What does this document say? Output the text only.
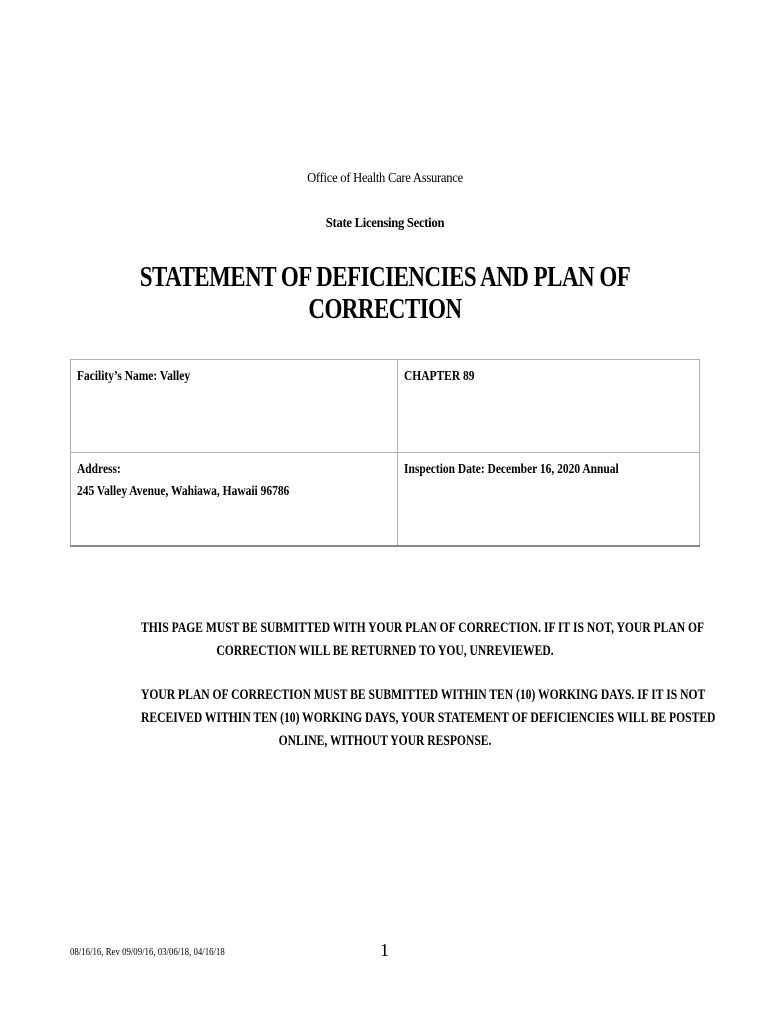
Office of Health Care Assurance
State Licensing Section
STATEMENT OF DEFICIENCIES AND PLAN OF CORRECTION
Facility’s Name: Valley	CHAPTER 89
Address:
245 Valley Avenue, Wahiawa, Hawaii 96786	Inspection Date: December 16, 2020 Annual
THIS PAGE MUST BE SUBMITTED WITH YOUR PLAN OF CORRECTION. IF IT IS NOT, YOUR PLAN OF
CORRECTION WILL BE RETURNED TO YOU, UNREVIEWED.
YOUR PLAN OF CORRECTION MUST BE SUBMITTED WITHIN TEN (10) WORKING DAYS. IF IT IS NOT
RECEIVED WITHIN TEN (10) WORKING DAYS, YOUR STATEMENT OF DEFICIENCIES WILL BE POSTED
ONLINE, WITHOUT YOUR RESPONSE.
08/16/16, Rev 09/09/16, 03/06/18, 04/16/18	1
